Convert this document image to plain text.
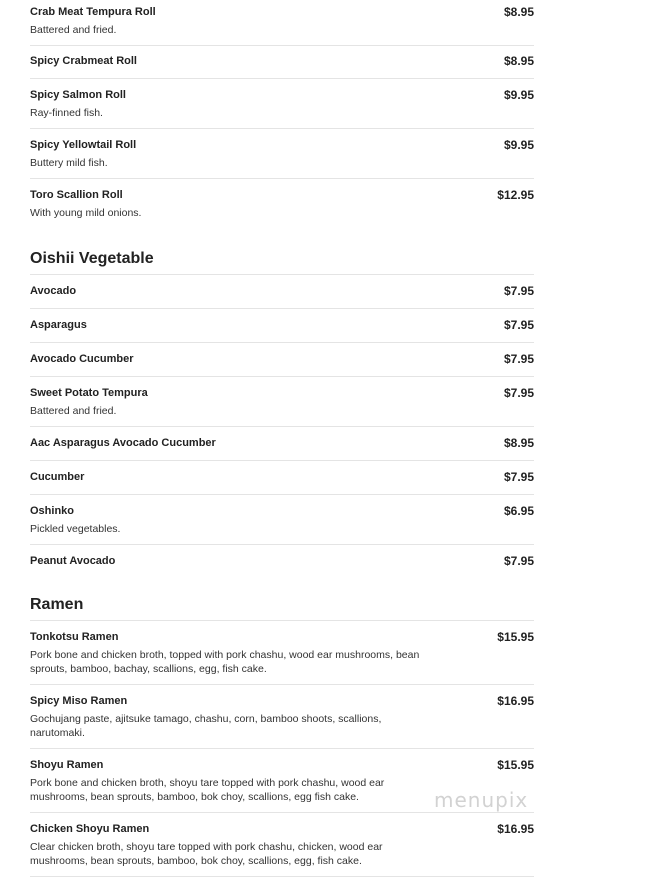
Crab Meat Tempura Roll	$8.95
Battered and fried.
Spicy Crabmeat Roll	$8.95
Spicy Salmon Roll	$9.95
Ray-finned fish.
Spicy Yellowtail Roll	$9.95
Buttery mild fish.
Toro Scallion Roll	$12.95
With young mild onions.
Oishii Vegetable
Avocado	$7.95
Asparagus	$7.95
Avocado Cucumber	$7.95
Sweet Potato Tempura	$7.95
Battered and fried.
Aac Asparagus Avocado Cucumber	$8.95
Cucumber	$7.95
Oshinko	$6.95
Pickled vegetables.
Peanut Avocado	$7.95
Ramen
Tonkotsu Ramen	$15.95
Pork bone and chicken broth, topped with pork chashu, wood ear mushrooms, bean sprouts, bamboo, bachay, scallions, egg, fish cake.
Spicy Miso Ramen	$16.95
Gochujang paste, ajitsuke tamago, chashu, corn, bamboo shoots, scallions, narutomaki.
Shoyu Ramen	$15.95
Pork bone and chicken broth, shoyu tare topped with pork chashu, wood ear mushrooms, bean sprouts, bamboo, bok choy, scallions, egg fish cake.
Chicken Shoyu Ramen	$16.95
Clear chicken broth, shoyu tare topped with pork chashu, chicken, wood ear mushrooms, bean sprouts, bamboo, bok choy, scallions, egg, fish cake.
menupix
